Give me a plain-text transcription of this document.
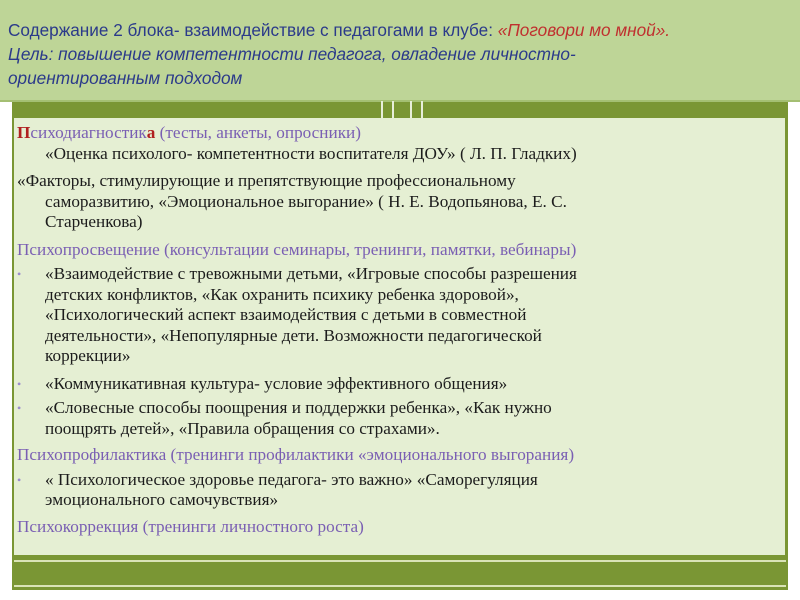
Содержание 2 блока- взаимодействие с педагогами в клубе: «Поговори мо мной».
Цель: повышение компетентности педагога, овладение личностно-
ориентированным подходом
Психодиагностика (тесты, анкеты, опросники)
«Оценка психолого- компетентности воспитателя ДОУ» ( Л. П. Гладких)
«Факторы, стимулирующие и препятствующие профессиональному
саморазвитию, «Эмоциональное выгорание» ( Н. Е. Водопьянова, Е. С.
Старченкова)
Психопросвещение (консультации семинары, тренинги, памятки, вебинары)
• «Взаимодействие с тревожными детьми, «Игровые способы разрешения
детских конфликтов, «Как охранить психику ребенка здоровой»,
«Психологический аспект взаимодействия с детьми в совместной
деятельности», «Непопулярные дети. Возможности педагогической
коррекции»
• «Коммуникативная культура- условие эффективного общения»
• «Словесные способы поощрения и поддержки ребенка», «Как нужно
поощрять детей», «Правила обращения со страхами».
Психопрофилактика (тренинги профилактики «эмоционального выгорания)
• « Психологическое здоровье педагога- это важно» «Саморегуляция
эмоционального самочувствия»
Психокоррекция (тренинги личностного роста)
